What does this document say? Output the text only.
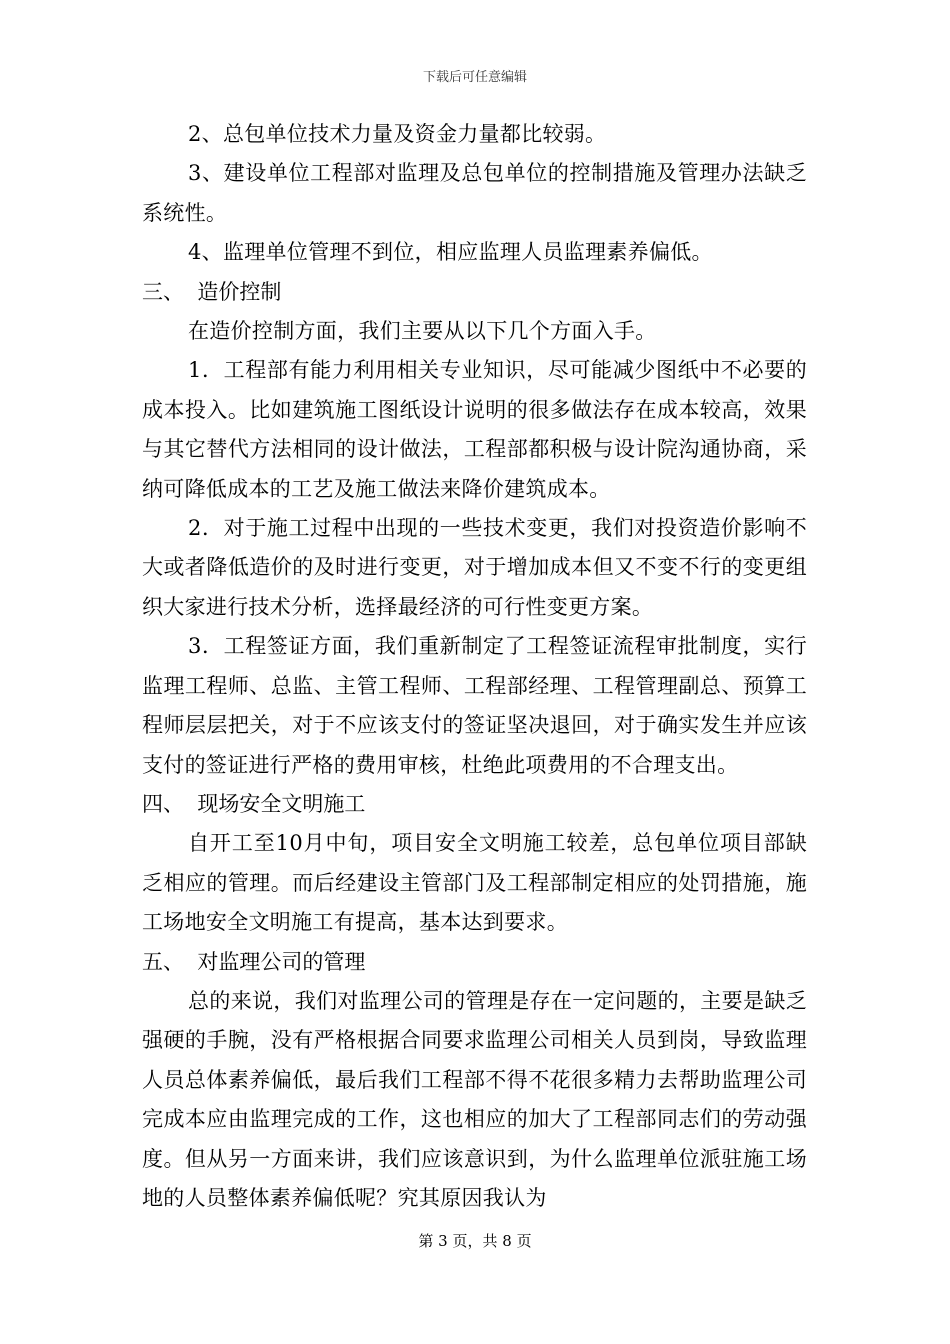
下载后可任意编辑

2、总包单位技术力量及资金力量都比较弱。

3、建设单位工程部对监理及总包单位的控制措施及管理办法缺乏系统性。

4、监理单位管理不到位，相应监理人员监理素养偏低。

三、  造价控制

在造价控制方面，我们主要从以下几个方面入手。

1．工程部有能力利用相关专业知识，尽可能减少图纸中不必要的成本投入。比如建筑施工图纸设计说明的很多做法存在成本较高，效果与其它替代方法相同的设计做法，工程部都积极与设计院沟通协商，采纳可降低成本的工艺及施工做法来降价建筑成本。

2．对于施工过程中出现的一些技术变更，我们对投资造价影响不大或者降低造价的及时进行变更，对于增加成本但又不变不行的变更组织大家进行技术分析，选择最经济的可行性变更方案。

3．工程签证方面，我们重新制定了工程签证流程审批制度，实行监理工程师、总监、主管工程师、工程部经理、工程管理副总、预算工程师层层把关，对于不应该支付的签证坚决退回，对于确实发生并应该支付的签证进行严格的费用审核，杜绝此项费用的不合理支出。

四、  现场安全文明施工

自开工至10月中旬，项目安全文明施工较差，总包单位项目部缺乏相应的管理。而后经建设主管部门及工程部制定相应的处罚措施，施工场地安全文明施工有提高，基本达到要求。

五、  对监理公司的管理

总的来说，我们对监理公司的管理是存在一定问题的，主要是缺乏强硬的手腕，没有严格根据合同要求监理公司相关人员到岗，导致监理人员总体素养偏低，最后我们工程部不得不花很多精力去帮助监理公司完成本应由监理完成的工作，这也相应的加大了工程部同志们的劳动强度。但从另一方面来讲，我们应该意识到，为什么监理单位派驻施工场地的人员整体素养偏低呢？究其原因我认为

第 3 页，共 8 页
